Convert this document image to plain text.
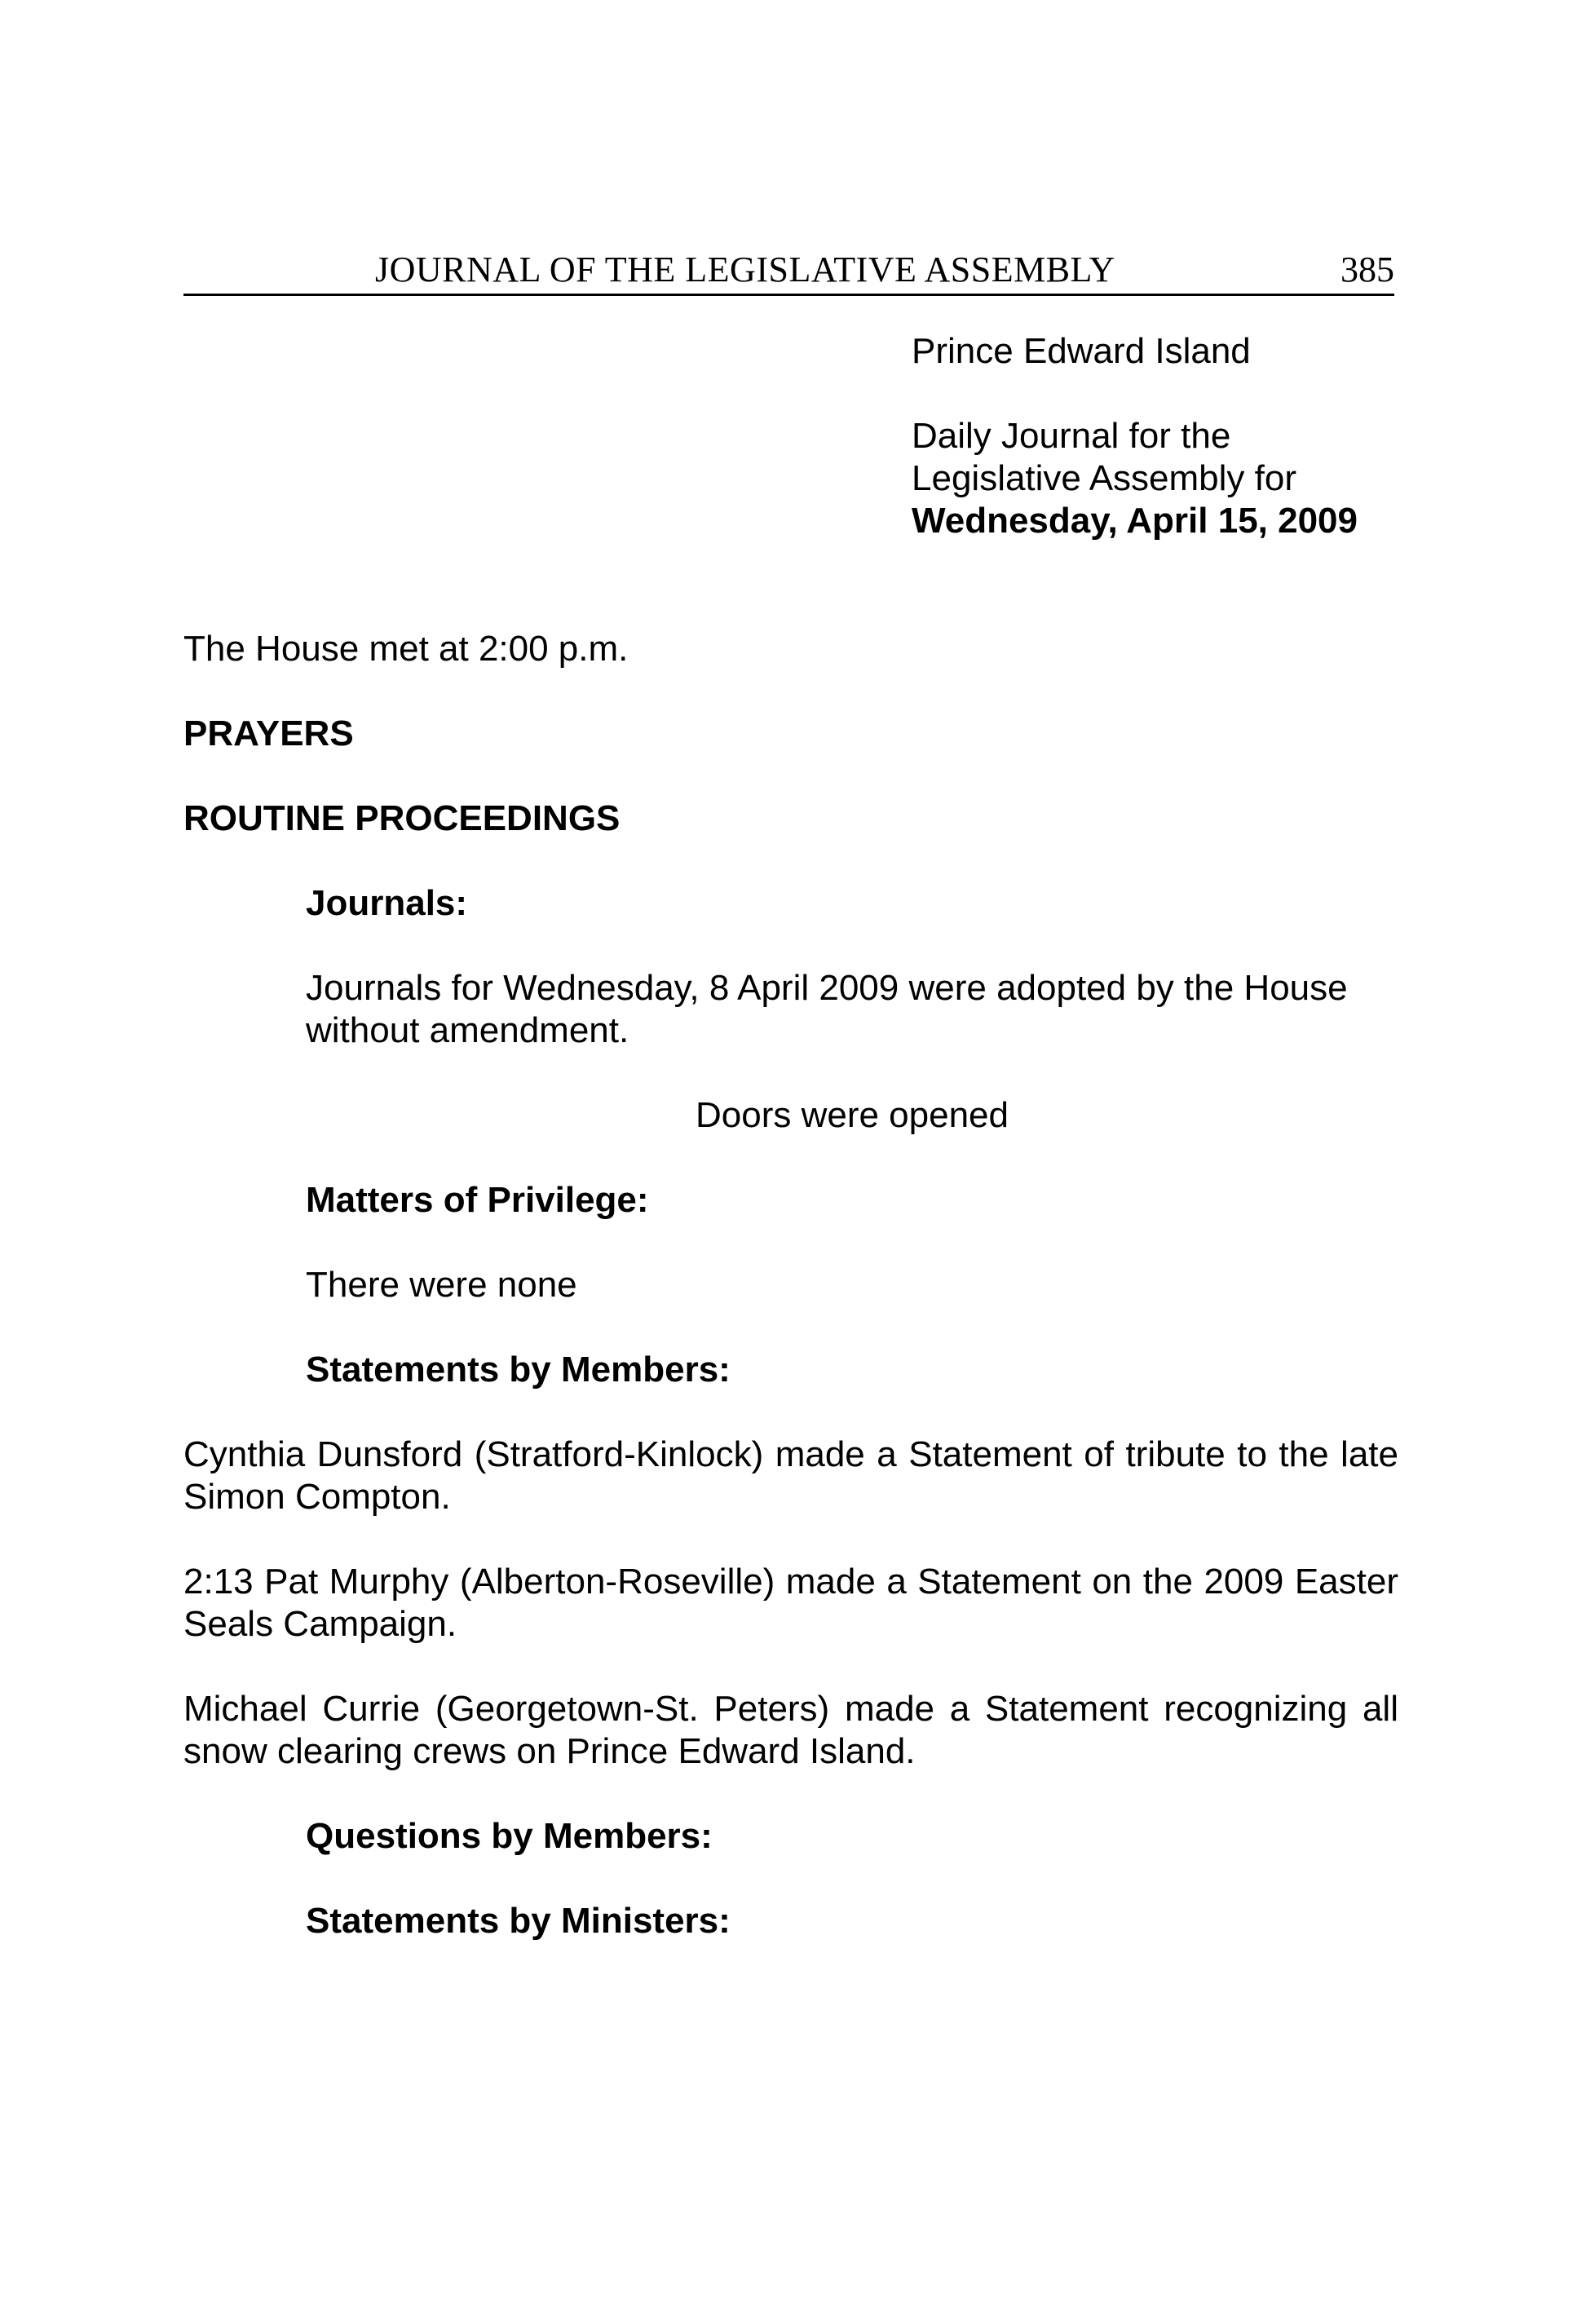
JOURNAL OF THE LEGISLATIVE ASSEMBLY	385

Prince Edward Island

Daily Journal for the

Legislative Assembly for

Wednesday, April 15, 2009

The House met at 2:00 p.m.

PRAYERS

ROUTINE PROCEEDINGS

Journals:

Journals for Wednesday, 8 April 2009 were adopted by the House without amendment.

Doors were opened

Matters of Privilege:

There were none

Statements by Members:

Cynthia Dunsford (Stratford-Kinlock) made a Statement of tribute to the late Simon Compton.

2:13 Pat Murphy (Alberton-Roseville) made a Statement on the 2009 Easter Seals Campaign.

Michael Currie (Georgetown-St. Peters) made a Statement recognizing all snow clearing crews on Prince Edward Island.

Questions by Members:

Statements by Ministers:
